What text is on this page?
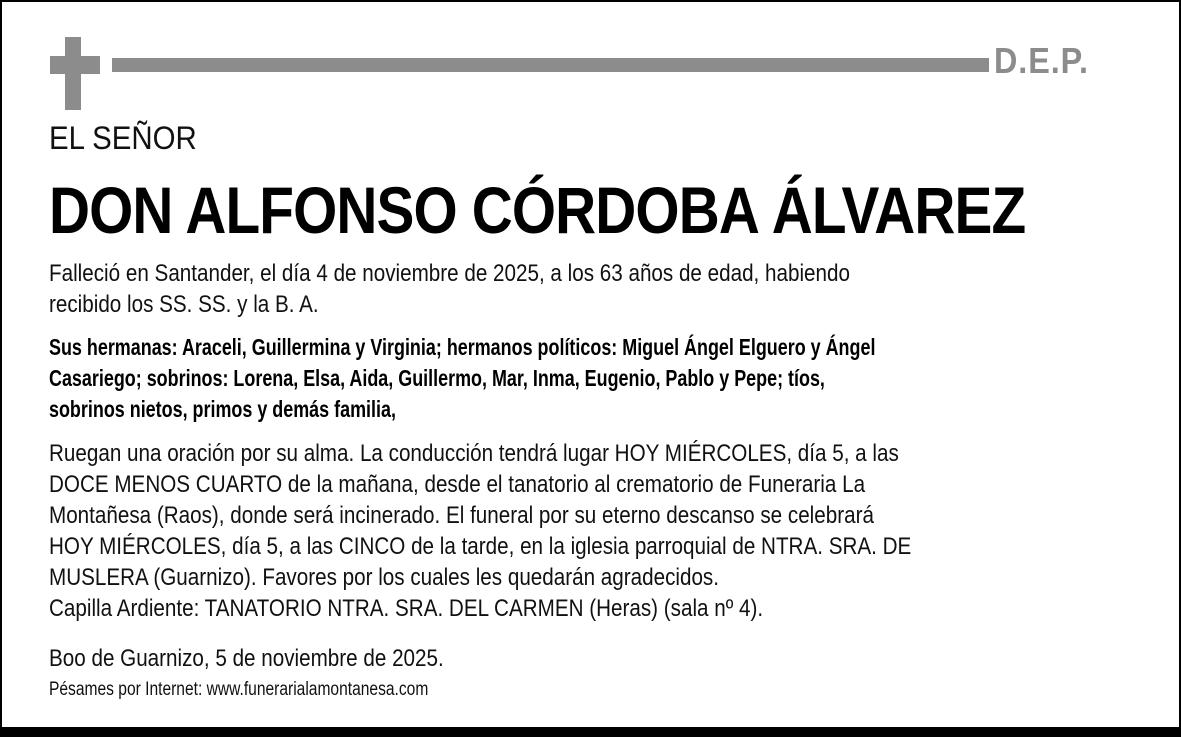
D.E.P.
EL SEÑOR
DON ALFONSO CÓRDOBA ÁLVAREZ
Falleció en Santander, el día 4 de noviembre de 2025, a los 63 años de edad, habiendo
recibido los SS. SS. y la B. A.
Sus hermanas: Araceli, Guillermina y Virginia; hermanos políticos: Miguel Ángel Elguero y Ángel
Casariego; sobrinos: Lorena, Elsa, Aida, Guillermo, Mar, Inma, Eugenio, Pablo y Pepe; tíos,
sobrinos nietos, primos y demás familia,
Ruegan una oración por su alma. La conducción tendrá lugar HOY MIÉRCOLES, día 5, a las
DOCE MENOS CUARTO de la mañana, desde el tanatorio al crematorio de Funeraria La
Montañesa (Raos), donde será incinerado. El funeral por su eterno descanso se celebrará
HOY MIÉRCOLES, día 5, a las CINCO de la tarde, en la iglesia parroquial de NTRA. SRA. DE
MUSLERA (Guarnizo). Favores por los cuales les quedarán agradecidos.
Capilla Ardiente: TANATORIO NTRA. SRA. DEL CARMEN (Heras) (sala nº 4).
Boo de Guarnizo, 5 de noviembre de 2025.
Pésames por Internet: www.funerarialamontanesa.com
